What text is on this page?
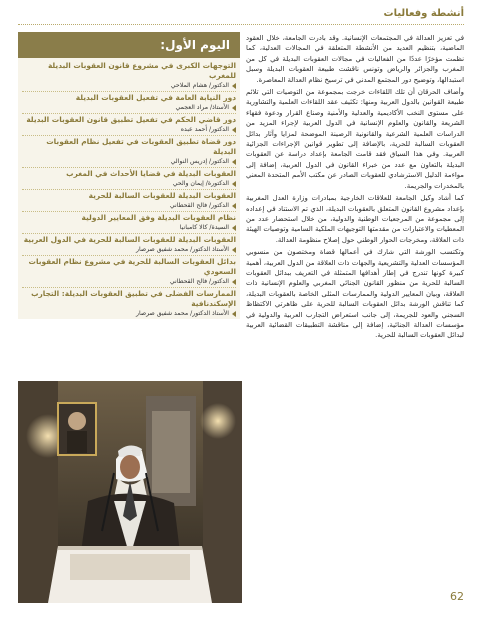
أنشطة وفعاليات
اليوم الأول:
التوجهات الكبرى في مشروع قانون العقوبات البديلة للمغرب
الدكتور/ هشام الملاحي
دور النيابة العامة في تفعيل العقوبات البديلة
الأستاذ/ مراد العجمي
دور قاضي الحكم في تفعيل تطبيق قانون العقوبات البديلة
الدكتور/ أحمد عبده
دور قضاة تطبيق العقوبات في تفعيل نظام العقوبات البديلة
الدكتور/ إدريس النوالي
العقوبات البديلة في قضايا الأحداث في المغرب
الدكتورة/ إيمان والحي
العقوبات البديلة للعقوبات السالبة للحرية
الدكتور/ فالح القحطاني
نظام العقوبات البديلة وفق المعايير الدولية
السيدة/ كالا كامبانيا
العقوبات البديلة للعقوبات السالبة للحرية في الدول العربية
الأستاذ الدكتور/ محمد شفيق صرصار
بدائل العقوبات السالبة للحرية في مشروع نظام العقوبات السعودي
الدكتور/ فالح القحطاني
الممارسات الفضلى في تطبيق العقوبات البديلة: التجارب الإسكندنافية
الأستاذ الدكتور/ محمد شفيق صرصار

في تعزيز العدالة في المجتمعات الإنسانية. وقد بادرت الجامعة، خلال العقود الماضية، بتنظيم العديد من الأنشطة المتعلقة في المجالات العدلية، كما نظمت مؤخرًا عددًا من الفعاليات في مجالات العقوبات البديلة في كل من المغرب والجزائر والرياض وتونس ناقشت طبيعة العقوبات البديلة وسبل استبدالها، وتوضيح دور المجتمع المدني في ترسيخ نظام العدالة المعاصرة.

وأضاف الحرقان أن تلك اللقاءات خرجت بمجموعة من التوصيات التي تلائم طبيعة القوانين بالدول العربية ومنها: تكثيف عقد اللقاءات العلمية والتشاورية على مستوى النخب الأكاديمية والعدلية والأمنية وصناع القرار ودعوة فقهاء الشريعة والقانون والعلوم الإنسانية في الدول العربية لإجراء المزيد من الدراسات العلمية الشرعية والقانونية الرصينة الموضحة لمزايا وآثار بدائل العقوبات السالبة للحرية، بالإضافة إلى تطوير قوانين الإجراءات الجزائية العربية. وفي هذا السياق فقد قامت الجامعة بإعداد دراسة عن العقوبات البديلة بالتعاون مع عدد من خبراء القانون في الدول العربية، إضافة إلى مواءمة الدليل الاسترشادي للعقوبات الصادر عن مكتب الأمم المتحدة المعني بالمخدرات والجريمة.

كما أشاد وكيل الجامعة للعلاقات الخارجية بمبادرات وزارة العدل المغربية بإعداد مشروع القانون المتعلق بالعقوبات البديلة، الذي تم الاستناد في إعداده إلى مجموعة من المرجعيات الوطنية والدولية، من خلال استحضار عدد من المعطيات والاعتبارات من مقدمتها التوجيهات الملكية السامية وتوصيات الهيئة ذات العلاقة، ومخرجات الحوار الوطني حول إصلاح منظومة العدالة.

وتكتسب الورشة التي شارك في أعمالها قضاة ومختصون من منسوبي المؤسسات العدلية والتشريعية والجهات ذات العلاقة من الدول العربية، أهمية كبيرة كونها تندرج في إطار أهدافها المتمثلة في التعريف ببدائل العقوبات السالبة للحرية من منظور القانون الجنائي المغربي والعلوم الإنسانية ذات العلاقة، وبيان المعايير الدولية والممارسات المثلى الخاصة بالعقوبات البديلة، كما تناقش الورشة بدائل العقوبات السالبة للحرية على ظاهرتي الاكتظاظ السجني والعود للجريمة، إلى جانب استعراض التجارب العربية والدولية في مؤسسات العدالة الجنائية، إضافة إلى مناقشة التطبيقات القضائية العربية لبدائل العقوبات السالبة للحرية.

62
